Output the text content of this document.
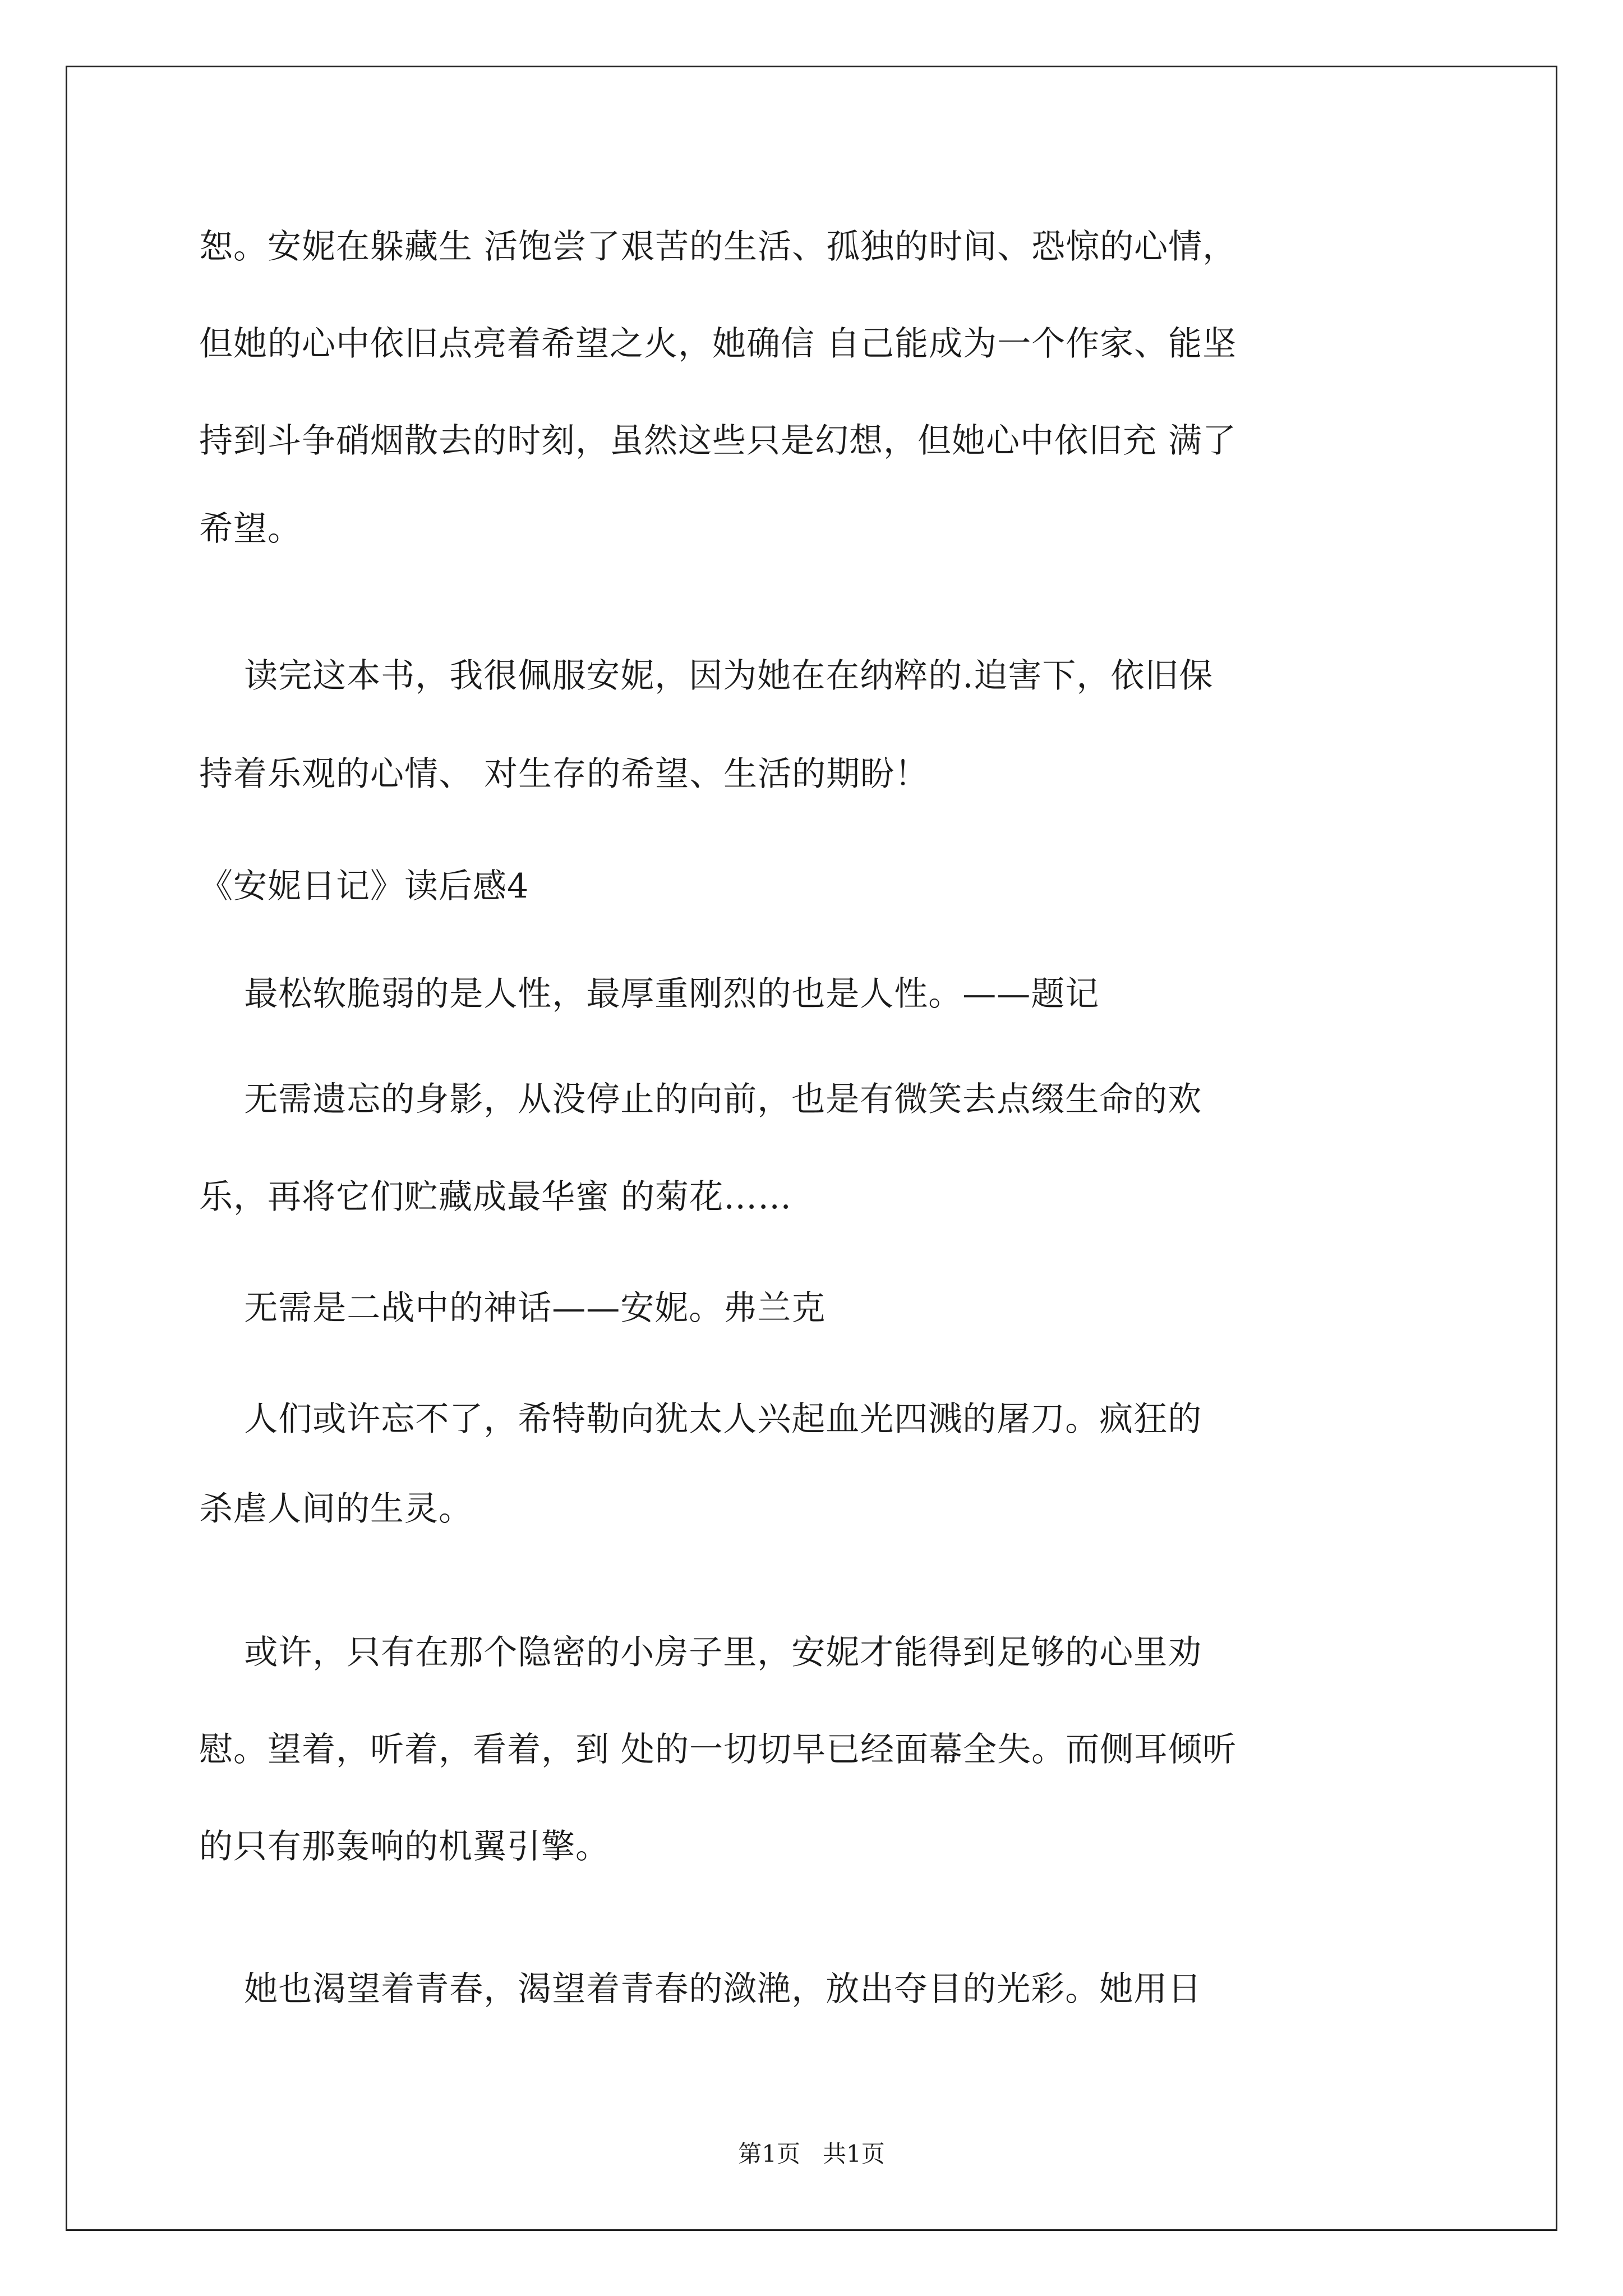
恕。安妮在躲藏生 活饱尝了艰苦的生活、孤独的时间、恐惊的心情，
但她的心中依旧点亮着希望之火，她确信 自己能成为一个作家、能坚
持到斗争硝烟散去的时刻，虽然这些只是幻想，但她心中依旧充 满了
希望。
读完这本书，我很佩服安妮，因为她在在纳粹的.迫害下，依旧保
持着乐观的心情、 对生存的希望、生活的期盼！
《安妮日记》读后感4
最松软脆弱的是人性，最厚重刚烈的也是人性。——题记
无需遗忘的身影，从没停止的向前，也是有微笑去点缀生命的欢
乐，再将它们贮藏成最华蜜 的菊花……
无需是二战中的神话——安妮。弗兰克
人们或许忘不了，希特勒向犹太人兴起血光四溅的屠刀。疯狂的
杀虐人间的生灵。
或许，只有在那个隐密的小房子里，安妮才能得到足够的心里劝
慰。望着，听着，看着，到 处的一切切早已经面幕全失。而侧耳倾听
的只有那轰响的机翼引擎。
她也渴望着青春，渴望着青春的潋滟，放出夺目的光彩。她用日
第1页   共1页
